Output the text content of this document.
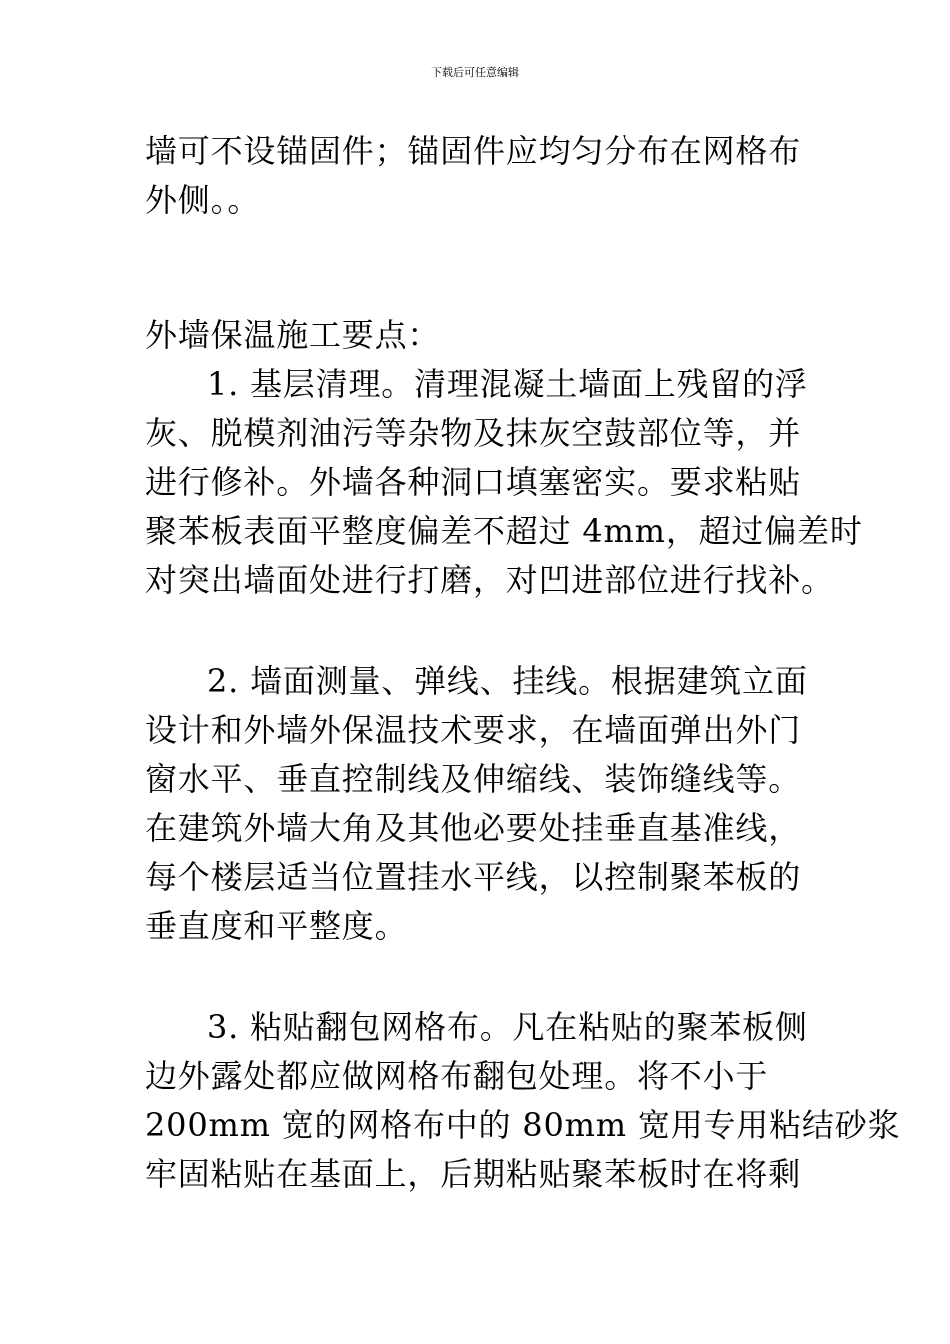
下载后可任意编辑
墙可不设锚固件；锚固件应均匀分布在网格布
外侧。。
外墙保温施工要点：
1. 基层清理。清理混凝土墙面上残留的浮
灰、脱模剂油污等杂物及抹灰空鼓部位等，并
进行修补。外墙各种洞口填塞密实。要求粘贴
聚苯板表面平整度偏差不超过 4mm，超过偏差时
对突出墙面处进行打磨，对凹进部位进行找补。
2. 墙面测量、弹线、挂线。根据建筑立面
设计和外墙外保温技术要求，在墙面弹出外门
窗水平、垂直控制线及伸缩线、装饰缝线等。
在建筑外墙大角及其他必要处挂垂直基准线，
每个楼层适当位置挂水平线，以控制聚苯板的
垂直度和平整度。
3. 粘贴翻包网格布。凡在粘贴的聚苯板侧
边外露处都应做网格布翻包处理。将不小于
200mm 宽的网格布中的 80mm 宽用专用粘结砂浆
牢固粘贴在基面上，后期粘贴聚苯板时在将剩
